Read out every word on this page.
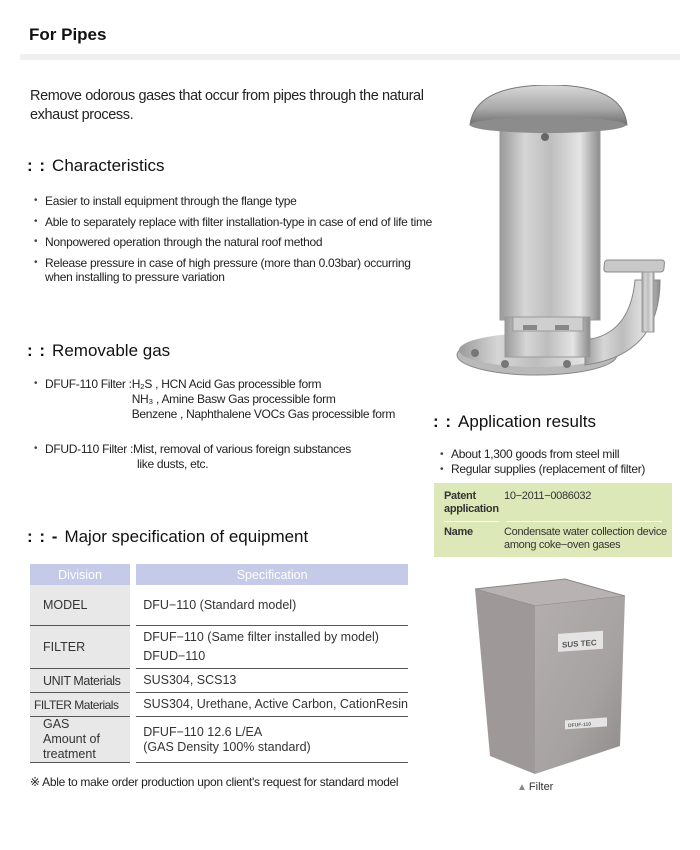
For Pipes
Remove odorous gases that occur from pipes through the natural exhaust process.
: : Characteristics
• Easier to install equipment through the flange type
• Able to separately replace with filter installation-type in case of end of life time
• Nonpowered operation through the natural roof method
• Release pressure in case of high pressure (more than 0.03bar) occurring when installing to pressure variation
: : Removable gas
• DFUF-110 Filter : H₂S , HCN Acid Gas processible form
NH₃ , Amine Basw Gas processible form
Benzene , Naphthalene VOCs Gas processible form
• DFUD-110 Filter : Mist, removal of various foreign substances
like dusts, etc.
: : - Major specification of equipment
Division		Specification
MODEL		DFU−110 (Standard model)

FILTER		DFUF−110 (Same filter installed by model)
DFUD−110

UNIT Materials		SUS304, SCS13

FILTER Materials		SUS304, Urethane, Active Carbon, CationResin

GAS Amount of treatment		DFUF−110 12.6 L/EA
(GAS Density 100% standard)
※ Able to make order production upon client's request for standard model
: : Application results
• About 1,300 goods from steel mill
• Regular supplies (replacement of filter)
Patent application
10−2011−0086032
Name	Condensate water collection device among coke−oven gases
SUS TEC
DFUF-110
▲ Filter
